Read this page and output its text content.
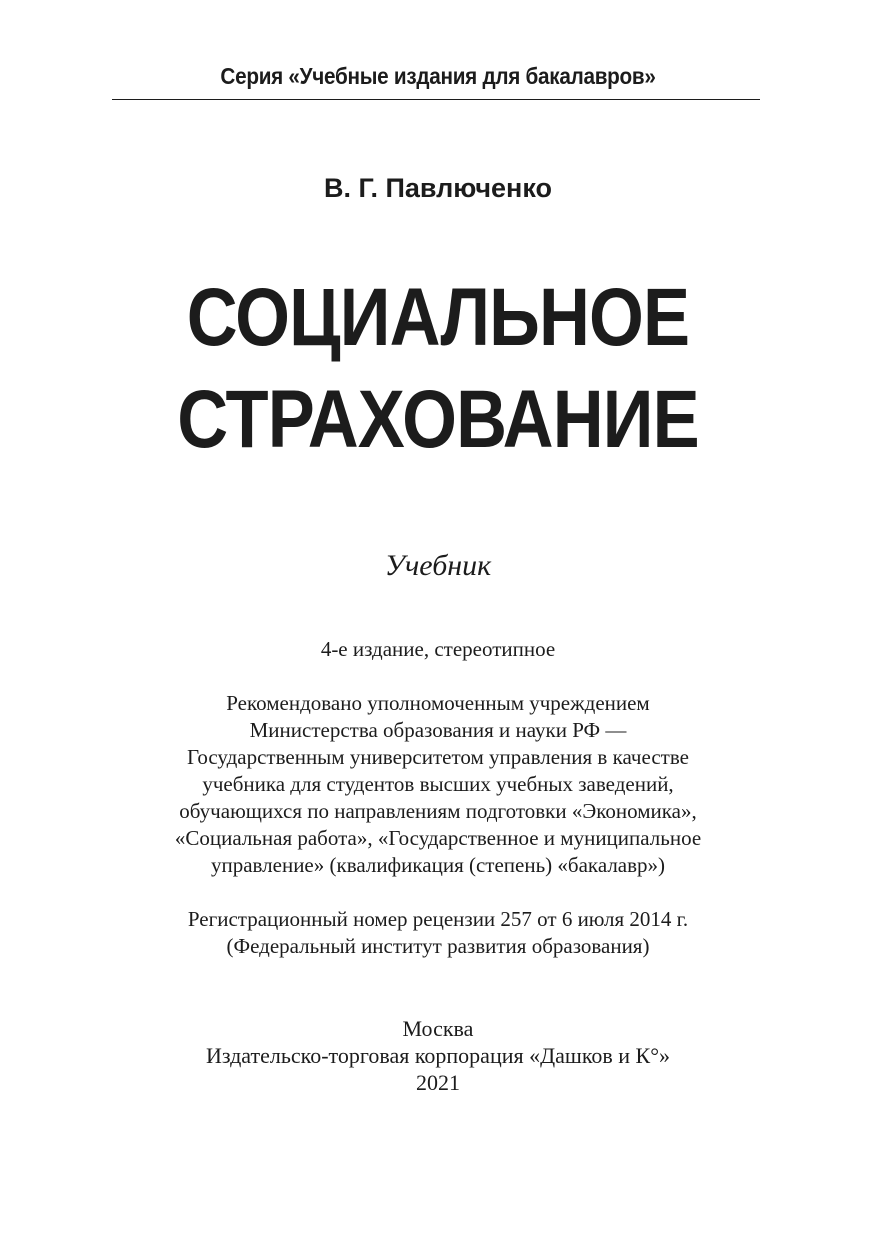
Серия «Учебные издания для бакалавров»
В. Г. Павлюченко
СОЦИАЛЬНОЕ
СТРАХОВАНИЕ
Учебник
4-е издание, стереотипное
Рекомендовано уполномоченным учреждением
Министерства образования и науки РФ —
Государственным университетом управления в качестве
учебника для студентов высших учебных заведений,
обучающихся по направлениям подготовки «Экономика»,
«Социальная работа», «Государственное и муниципальное
управление» (квалификация (степень) «бакалавр»)
Регистрационный номер рецензии 257 от 6 июля 2014 г.
(Федеральный институт развития образования)
Москва
Издательско-торговая корпорация «Дашков и К°»
2021
